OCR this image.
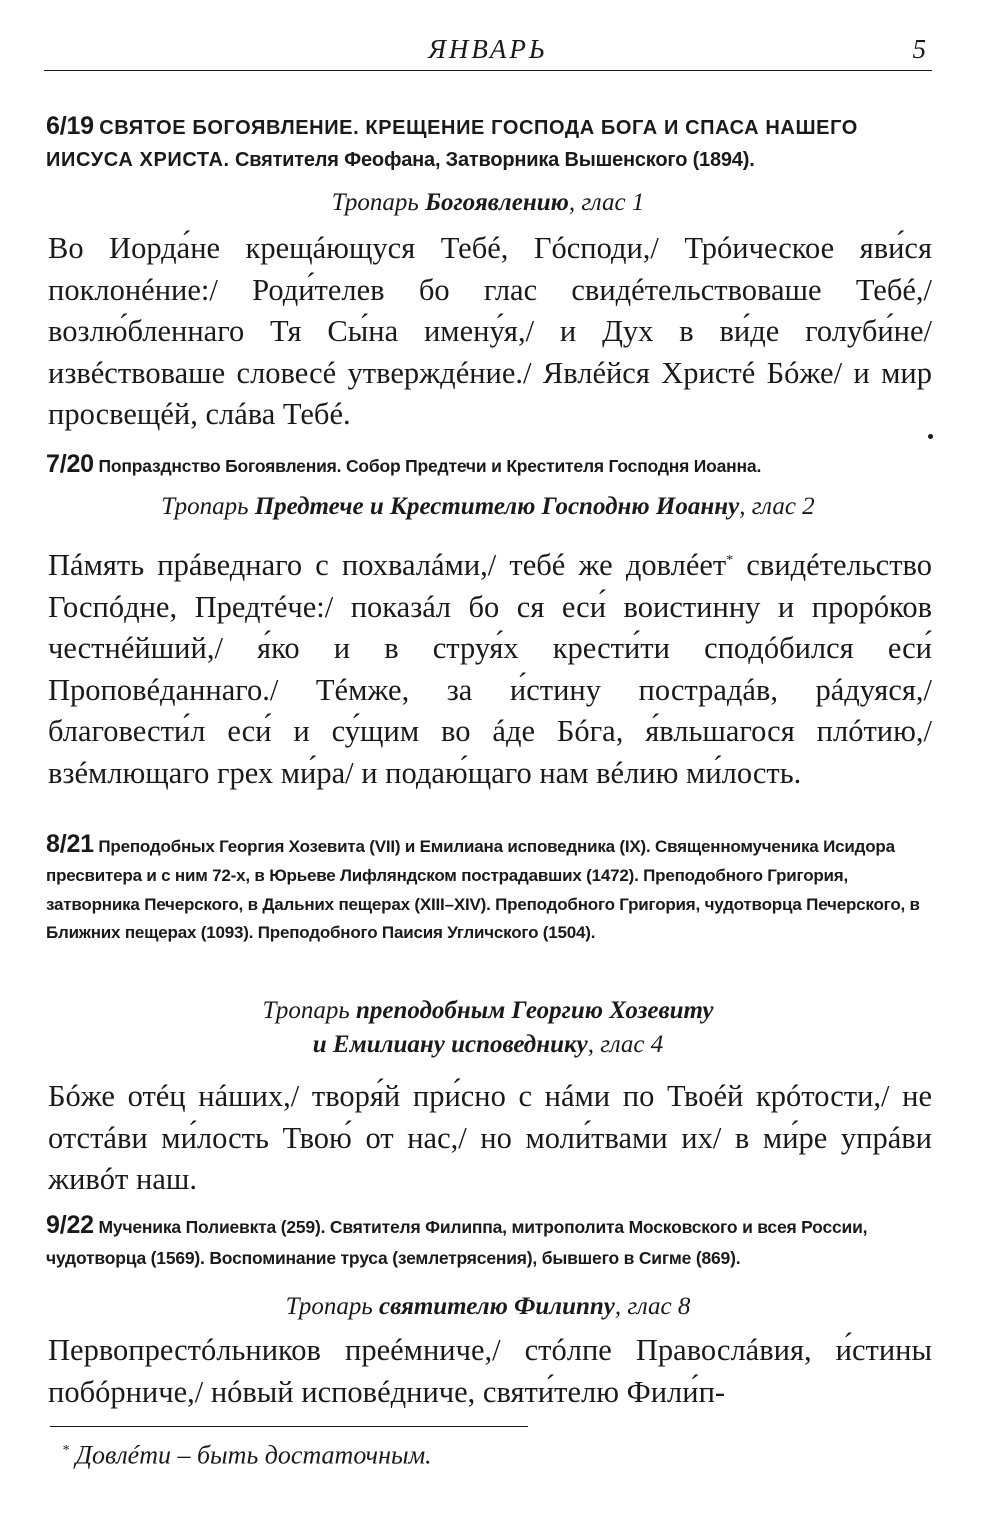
ЯНВАРЬ	5
6/19 СВЯТОЕ БОГОЯВЛЕНИЕ. КРЕЩЕНИЕ ГОСПОДА БОГА И СПАСА НАШЕГО ИИСУСА ХРИСТА. Святителя Феофана, Затворника Вышенского (1894).
Тропарь Богоявлению, глас 1
Во Иорда́не крещáющуся Тебé, Гóсподи,/ Трóическое яви́ся поклонéние:/ Роди́телев бо глас свидéтельствоваше Тебé,/ возлю́бленнаго Тя Сы́на имену́я,/ и Дух в ви́де голуби́не/ извéствоваше словесé утверждéние./ Явлéйся Христé Бóже/ и мир просвещéй, слáва Тебé.
7/20 Попразднство Богоявления. Собор Предтечи и Крестителя Господня Иоанна.
Тропарь Предтече и Крестителю Господню Иоанну, глас 2
Пáмять прáведнаго с похвалáми,/ тебé же довлéет* свидéтельство Госпóдне, Предтéче:/ показáл бо ся еси́ воистинну и прорóков честнéйший,/ я́ко и в струя́х крести́ти сподóбился еси́ Проповéданнаго./ Тéмже, за и́стину пострадáв, рáдуяся,/ благовести́л еси́ и су́щим во áде Бóга, я́вльшагося плóтию,/ взéмлющаго грех ми́ра/ и подаю́щаго нам вéлию ми́лость.
8/21 Преподобных Георгия Хозевита (VII) и Емилиана исповедника (IX). Священномученика Исидора пресвитера и с ним 72-х, в Юрьеве Лифляндском пострадавших (1472). Преподобного Григория, затворника Печерского, в Дальних пещерах (XIII–XIV). Преподобного Григория, чудотворца Печерского, в Ближних пещерах (1093). Преподобного Паисия Угличского (1504).
Тропарь преподобным Георгию Хозевиту
и Емилиану исповеднику, глас 4
Бóже отéц нáших,/ творя́й при́сно с нáми по Твоéй крóтости,/ не отстáви ми́лость Твою́ от нас,/ но моли́твами их/ в ми́ре упрáви живóт наш.
9/22 Мученика Полиевкта (259). Святителя Филиппа, митрополита Московского и всея России, чудотворца (1569). Воспоминание труса (землетрясения), бывшего в Сигме (869).
Тропарь святителю Филиппу, глас 8
Первопрестóльников преéмниче,/ стóлпе Правослáвия, и́стины побóрниче,/ нóвый исповéдниче, святи́телю Фили́п-
* Довлéти – быть достаточным.
